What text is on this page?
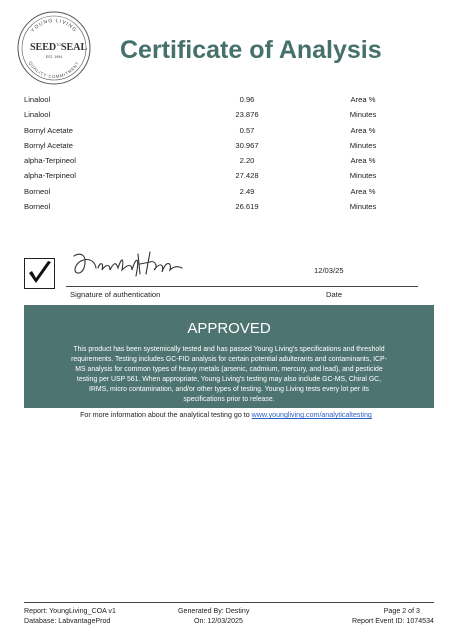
YOUNG LIVING
QUALITY COMMITMENT
SEED TO SEAL
EST. 1994 Certificate of Analysis
Linalool	0.96	Area %
Linalool	23.876	Minutes
Bornyl Acetate	0.57	Area %
Bornyl Acetate	30.967	Minutes
alpha-Terpineol	2.20	Area %
alpha-Terpineol	27.428	Minutes
Borneol	2.49	Area %
Borneol	26.619	Minutes
12/03/25
Signature of authentication	Date
APPROVED
This product has been systemically tested and has passed Young Living's specifications and threshold requirements. Testing includes GC-FID analysis for certain potential adulterants and contaminants, ICP-MS analysis for common types of heavy metals (arsenic, cadmium, mercury, and lead), and pesticide testing per USP 561. When appropriate, Young Living's testing may also include GC-MS, Chiral GC, IRMS, micro contamination, and/or other types of testing. Young Living tests every lot per its specifications prior to release.
For more information about the analytical testing go to www.youngliving.com/analyticaltesting
Report: YoungLiving_COA v1
Database: LabvantageProd
Generated By: Destiny
On: 12/03/2025
Page 2 of 3
Report Event ID: 1074534
